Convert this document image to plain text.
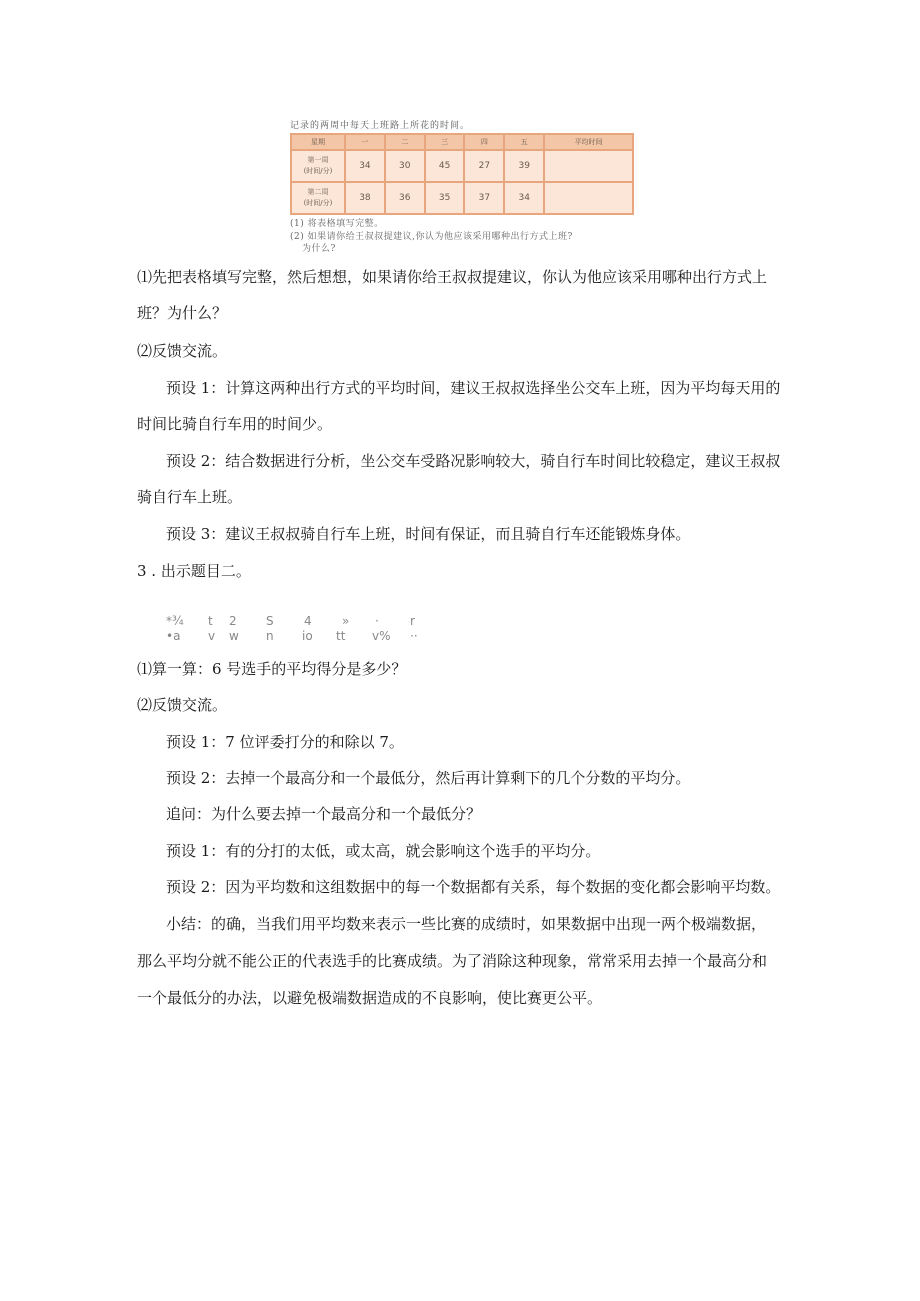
记录的两周中每天上班路上所花的时间。
星期	一	二	三	四	五	平均时间
第一周
(时间/分)	34	30	45	27	39	
第二周
(时间/分)	38	36	35	37	34	
(1) 将表格填写完整。
(2) 如果请你给王叔叔提建议,你认为他应该采用哪种出行方式上班?
为什么?
⑴先把表格填写完整，然后想想，如果请你给王叔叔提建议，你认为他应该采用哪种出行方式上
班？为什么？
⑵反馈交流。
预设 1：计算这两种出行方式的平均时间，建议王叔叔选择坐公交车上班，因为平均每天用的
时间比骑自行车用的时间少。
预设 2：结合数据进行分析，坐公交车受路况影响较大，骑自行车时间比较稳定，建议王叔叔
骑自行车上班。
预设 3：建议王叔叔骑自行车上班，时间有保证，而且骑自行车还能锻炼身体。
3 . 出示题目二。
*¾ t 2 S	4	» ·	r
•a v w n io tt v% ··
⑴算一算：6 号选手的平均得分是多少？
⑵反馈交流。
预设 1：7 位评委打分的和除以 7。
预设 2：去掉一个最高分和一个最低分，然后再计算剩下的几个分数的平均分。
追问：为什么要去掉一个最高分和一个最低分？
预设 1：有的分打的太低，或太高，就会影响这个选手的平均分。
预设 2：因为平均数和这组数据中的每一个数据都有关系，每个数据的变化都会影响平均数。
小结：的确，当我们用平均数来表示一些比赛的成绩时，如果数据中出现一两个极端数据，
那么平均分就不能公正的代表选手的比赛成绩。为了消除这种现象，常常采用去掉一个最高分和
一个最低分的办法，以避免极端数据造成的不良影响，使比赛更公平。
